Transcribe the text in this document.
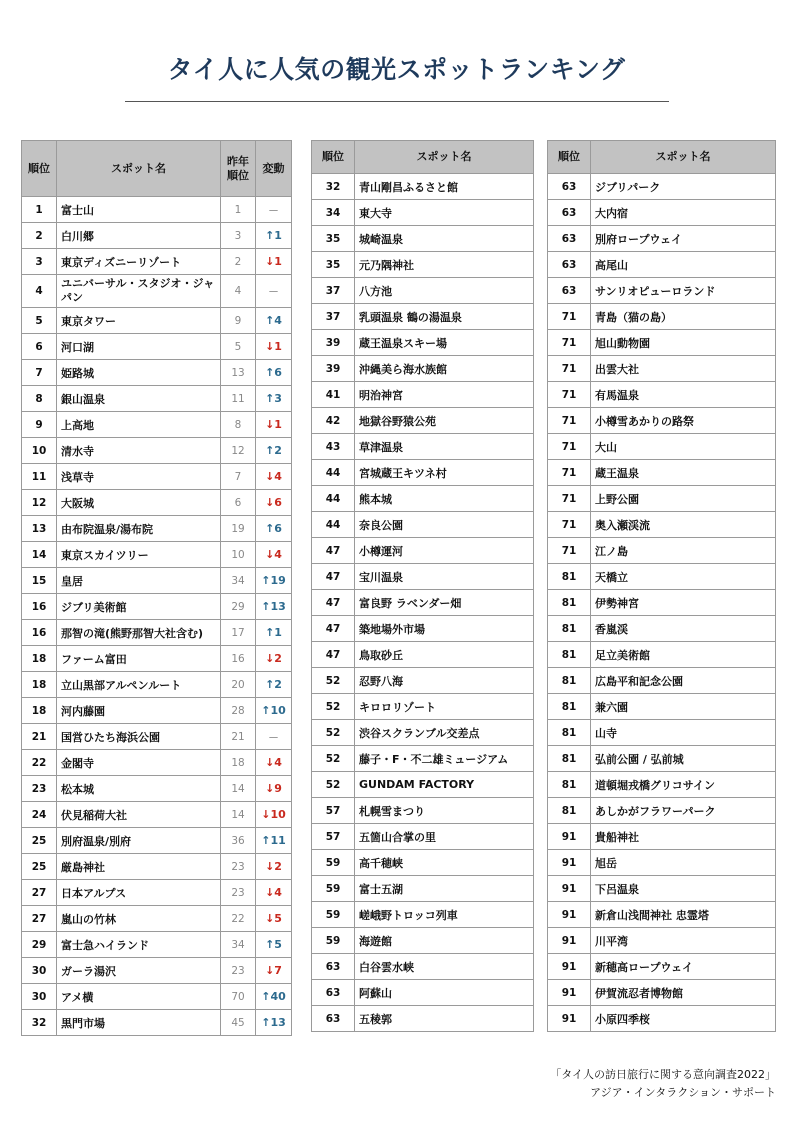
タイ人に人気の観光スポットランキング
順位	スポット名	昨年順位	変動
1	富士山	1	－
2	白川郷	3	↑1
3	東京ディズニーリゾート	2	↓1
4	ユニバーサル・スタジオ・ジャパン	4	－
5	東京タワー	9	↑4
6	河口湖	5	↓1
7	姫路城	13	↑6
8	銀山温泉	11	↑3
9	上高地	8	↓1
10	清水寺	12	↑2
11	浅草寺	7	↓4
12	大阪城	6	↓6
13	由布院温泉/湯布院	19	↑6
14	東京スカイツリー	10	↓4
15	皇居	34	↑19
16	ジブリ美術館	29	↑13
16	那智の滝(熊野那智大社含む)	17	↑1
18	ファーム富田	16	↓2
18	立山黒部アルペンルート	20	↑2
18	河内藤園	28	↑10
21	国営ひたち海浜公園	21	－
22	金閣寺	18	↓4
23	松本城	14	↓9
24	伏見稲荷大社	14	↓10
25	別府温泉/別府	36	↑11
25	厳島神社	23	↓2
27	日本アルプス	23	↓4
27	嵐山の竹林	22	↓5
29	富士急ハイランド	34	↑5
30	ガーラ湯沢	23	↓7
30	アメ横	70	↑40
32	黒門市場	45	↑13
順位	スポット名
32	青山剛昌ふるさと館
34	東大寺
35	城崎温泉
35	元乃隅神社
37	八方池
37	乳頭温泉 鶴の湯温泉
39	蔵王温泉スキー場
39	沖縄美ら海水族館
41	明治神宮
42	地獄谷野猿公苑
43	草津温泉
44	宮城蔵王キツネ村
44	熊本城
44	奈良公園
47	小樽運河
47	宝川温泉
47	富良野 ラベンダー畑
47	築地場外市場
47	鳥取砂丘
52	忍野八海
52	キロロリゾート
52	渋谷スクランブル交差点
52	藤子・F・不二雄ミュージアム
52	GUNDAM FACTORY
57	札幌雪まつり
57	五箇山合掌の里
59	高千穂峡
59	富士五湖
59	嵯峨野トロッコ列車
59	海遊館
63	白谷雲水峡
63	阿蘇山
63	五稜郭
順位	スポット名
63	ジブリパーク
63	大内宿
63	別府ロープウェイ
63	高尾山
63	サンリオピューロランド
71	青島（猫の島）
71	旭山動物園
71	出雲大社
71	有馬温泉
71	小樽雪あかりの路祭
71	大山
71	蔵王温泉
71	上野公園
71	奥入瀬渓流
71	江ノ島
81	天橋立
81	伊勢神宮
81	香嵐渓
81	足立美術館
81	広島平和記念公園
81	兼六園
81	山寺
81	弘前公園 / 弘前城
81	道頓堀戎橋グリコサイン
81	あしかがフラワーパーク
91	貴船神社
91	旭岳
91	下呂温泉
91	新倉山浅間神社 忠霊塔
91	川平湾
91	新穂高ロープウェイ
91	伊賀流忍者博物館
91	小原四季桜
「タイ人の訪日旅行に関する意向調査2022」
アジア・インタラクション・サポート
